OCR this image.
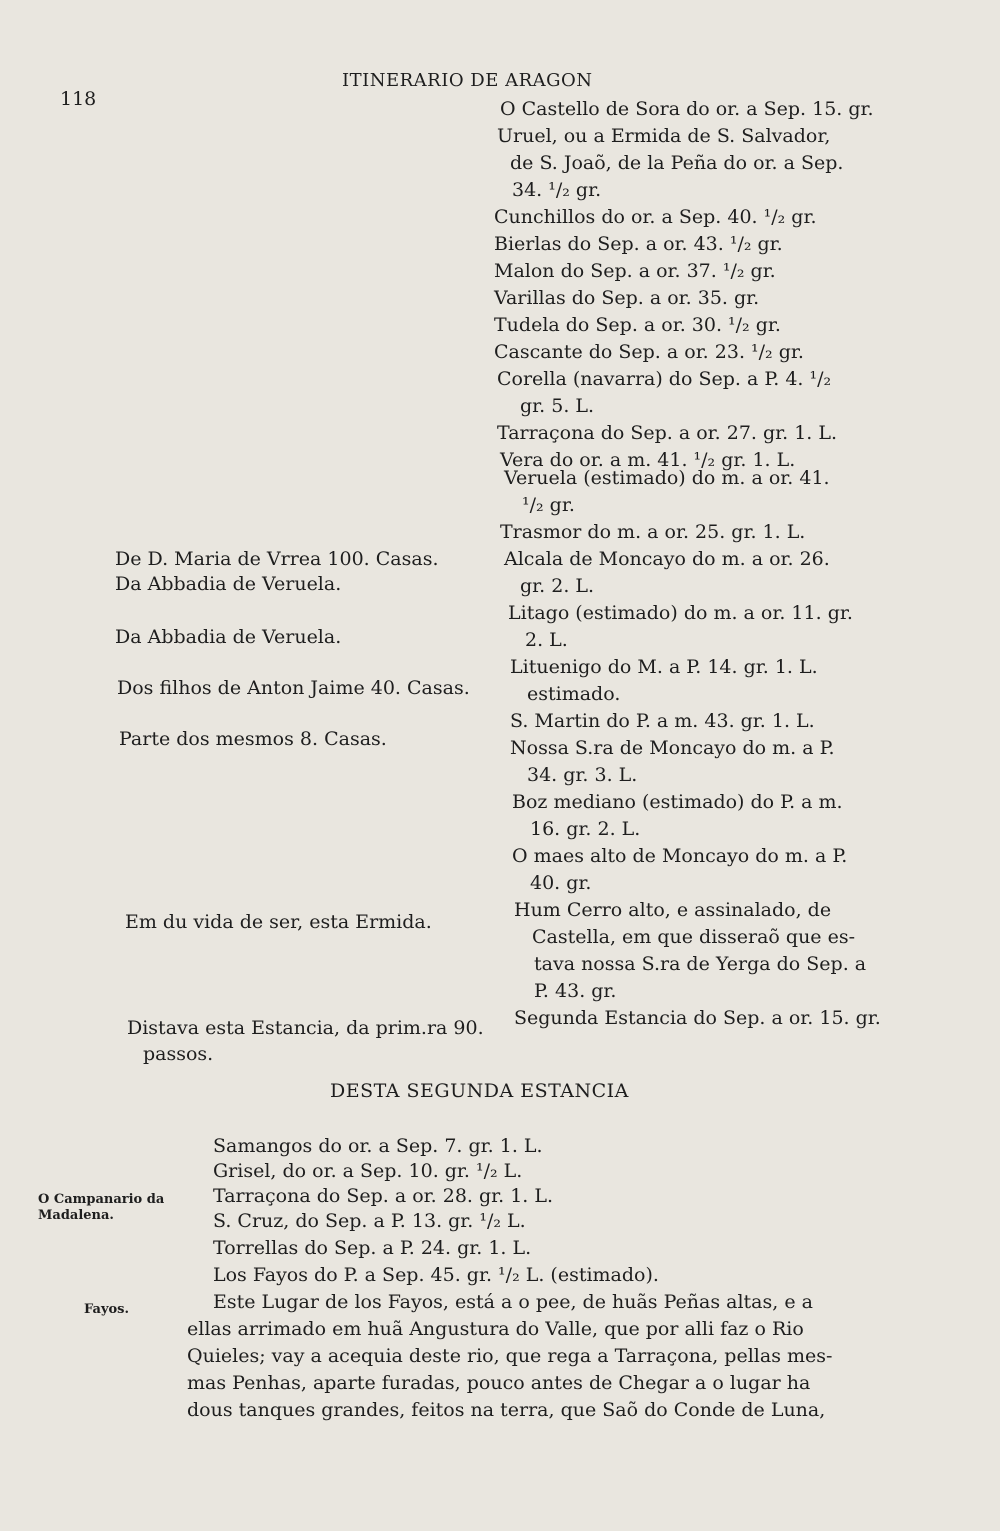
118
ITINERARIO DE ARAGON
O Castello de Sora do or. a Sep. 15. gr.
Uruel, ou a Ermida de S. Salvador,
de S. Joaõ, de la Peña do or. a Sep.
34. ¹/₂ gr.
Cunchillos do or. a Sep. 40. ¹/₂ gr.
Bierlas do Sep. a or. 43. ¹/₂ gr.
Malon do Sep. a or. 37. ¹/₂ gr.
Varillas do Sep. a or. 35. gr.
Tudela do Sep. a or. 30. ¹/₂ gr.
Cascante do Sep. a or. 23. ¹/₂ gr.
Corella (navarra) do Sep. a P. 4. ¹/₂
gr. 5. L.
Tarraçona do Sep. a or. 27. gr. 1. L.
Vera do or. a m. 41. ¹/₂ gr. 1. L.
Veruela (estimado) do m. a or. 41.
¹/₂ gr.
Trasmor do m. a or. 25. gr. 1. L.
Alcala de Moncayo do m. a or. 26.
gr. 2. L.
Litago (estimado) do m. a or. 11. gr.
2. L.
Lituenigo do M. a P. 14. gr. 1. L.
estimado.
S. Martin do P. a m. 43. gr. 1. L.
Nossa S.ra de Moncayo do m. a P.
34. gr. 3. L.
Boz mediano (estimado) do P. a m.
16. gr. 2. L.
O maes alto de Moncayo do m. a P.
40. gr.
Hum Cerro alto, e assinalado, de
Castella, em que disseraõ que es-
tava nossa S.ra de Yerga do Sep. a
P. 43. gr.
Segunda Estancia do Sep. a or. 15. gr.
De D. Maria de Vrrea 100. Casas.
Da Abbadia de Veruela.
Da Abbadia de Veruela.
Dos filhos de Anton Jaime 40. Casas.
Parte dos mesmos 8. Casas.
Em du vida de ser, esta Ermida.
Distava esta Estancia, da prim.ra 90.
passos.
DESTA SEGUNDA ESTANCIA
Samangos do or. a Sep. 7. gr. 1. L.
Grisel, do or. a Sep. 10. gr. ¹/₂ L.
Tarraçona do Sep. a or. 28. gr. 1. L.
S. Cruz, do Sep. a P. 13. gr. ¹/₂ L.
Torrellas do Sep. a P. 24. gr. 1. L.
Los Fayos do P. a Sep. 45. gr. ¹/₂ L. (estimado).
Este Lugar de los Fayos, está a o pee, de huãs Peñas altas, e a
ellas arrimado em huã Angustura do Valle, que por alli faz o Rio
Quieles; vay a acequia deste rio, que rega a Tarraçona, pellas mes-
mas Penhas, aparte furadas, pouco antes de Chegar a o lugar ha
dous tanques grandes, feitos na terra, que Saõ do Conde de Luna,
O Campanario da
Madalena.
Fayos.
